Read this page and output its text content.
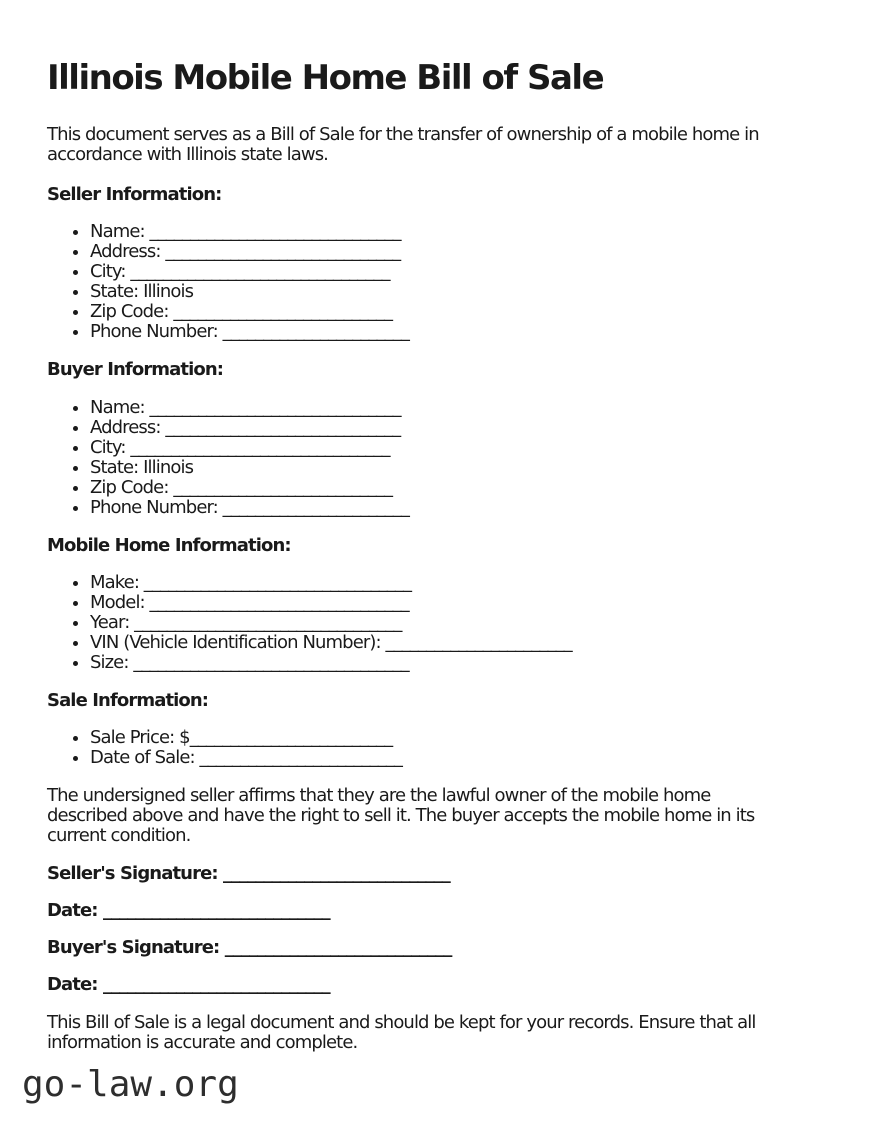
Illinois Mobile Home Bill of Sale

This document serves as a Bill of Sale for the transfer of ownership of a mobile home in
accordance with Illinois state laws.

Seller Information:
• Name: _______________________________
• Address: _____________________________
• City: ________________________________
• State: Illinois
• Zip Code: ___________________________
• Phone Number: _______________________
Buyer Information:
• Name: _______________________________
• Address: _____________________________
• City: ________________________________
• State: Illinois
• Zip Code: ___________________________
• Phone Number: _______________________
Mobile Home Information:
• Make: _________________________________
• Model: ________________________________
• Year: _________________________________
• VIN (Vehicle Identification Number): _______________________
• Size: __________________________________
Sale Information:
• Sale Price: $_________________________
• Date of Sale: _________________________

The undersigned seller affirms that they are the lawful owner of the mobile home
described above and have the right to sell it. The buyer accepts the mobile home in its
current condition.

Seller's Signature: ____________________________

Date: ____________________________

Buyer's Signature: ____________________________

Date: ____________________________

This Bill of Sale is a legal document and should be kept for your records. Ensure that all
information is accurate and complete.

go-law.org
